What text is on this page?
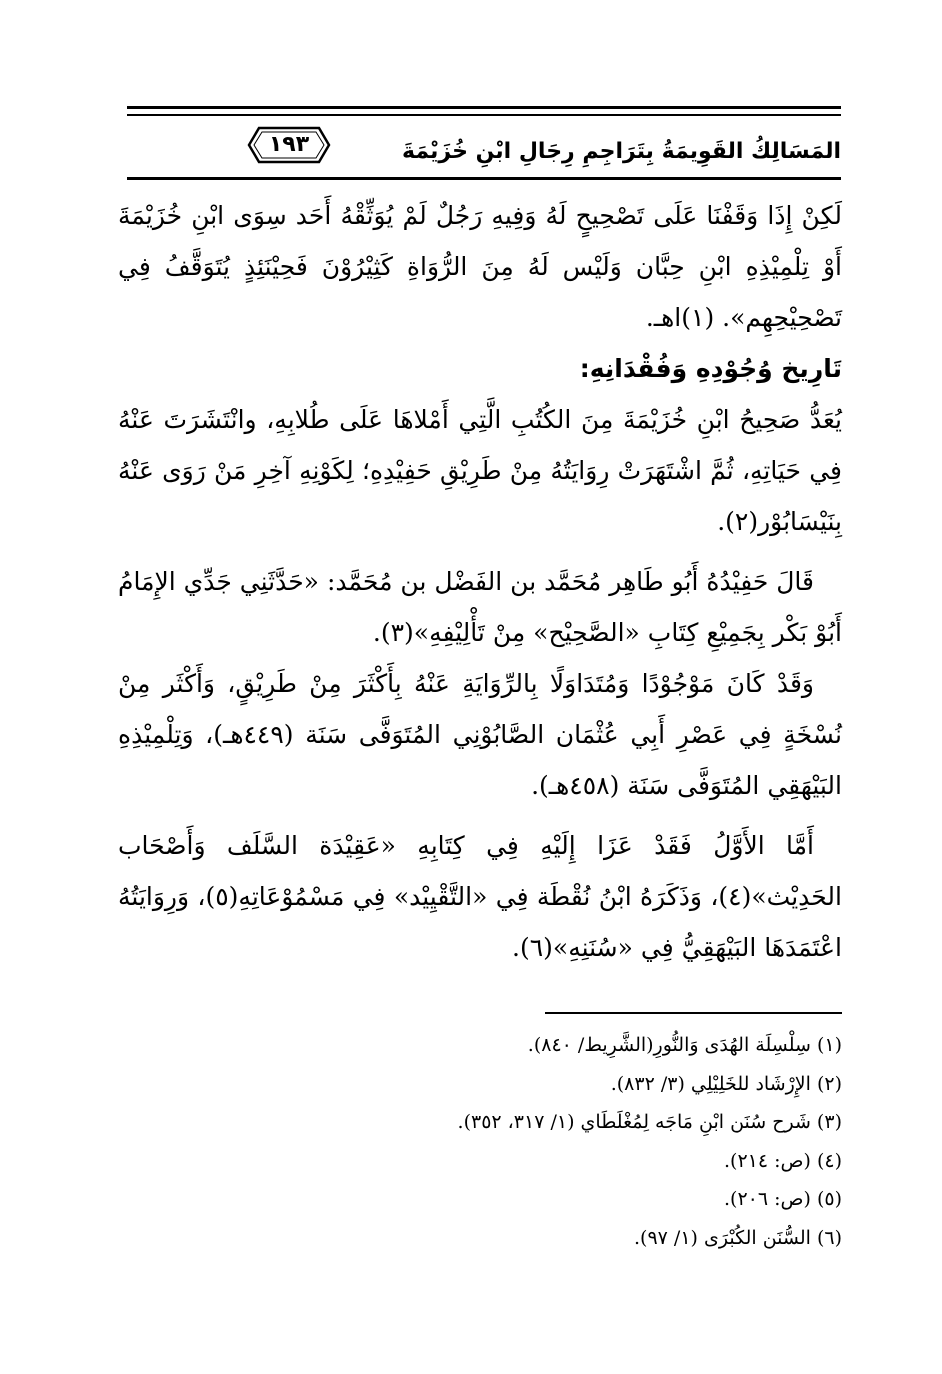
١٩٣	المَسَالِكُ القَوِيمَةُ بِتَرَاجِمِ رِجَالِ ابْنِ خُزَيْمَةَ

لَكِنْ إِذَا وَقَفْنَا عَلَى تَصْحِيحٍ لَهُ وَفِيهِ رَجُلٌ لَمْ يُوَثِّقْهُ أَحَد سِوَى ابْنِ خُزَيْمَةَ أَوْ تِلْمِيْذِهِ ابْنِ حِبَّان وَلَيْس لَهُ مِنَ الرُّوَاةِ كَثِيْرُوْنَ فَحِيْنَئِذٍ يُتَوَقَّفُ فِي تَصْحِيْحِهِم». (١)اهـ.

تَارِيخ وُجُوْدِهِ وَفُقْدَانِهِ:

يُعَدُّ صَحِيحُ ابْنِ خُزَيْمَةَ مِنَ الكُتُبِ الَّتِي أَمْلاهَا عَلَى طُلابِهِ، وانْتَشَرَتَ عَنْهُ فِي حَيَاتِهِ، ثُمَّ اشْتَهَرَتْ رِوَايَتُهُ مِنْ طَرِيْقِ حَفِيْدِهِ؛ لِكَوْنِهِ آخِرِ مَنْ رَوَى عَنْهُ بِنَيْسَابُوْر(٢).

قَالَ حَفِيْدُهُ أَبُو طَاهِر مُحَمَّد بن الفَضْل بن مُحَمَّد: «حَدَّثَنِي جَدِّي الإِمَامُ أَبُوْ بَكْر بِجَمِيْعِ كِتَابِ «الصَّحِيْح» مِنْ تَأْلِيْفِهِ»(٣).

وَقَدْ كَانَ مَوْجُوْدًا وَمُتَدَاوَلًا بِالرِّوَايَةِ عَنْهُ بِأَكْثَرَ مِنْ طَرِيْقٍ، وَأَكْثَر مِنْ نُسْخَةٍ فِي عَصْرِ أَبِي عُثْمَان الصَّابُوْنِي المُتَوَفَّى سَنَة (٤٤٩هـ)، وَتِلْمِيْذِهِ البَيْهَقِي المُتَوَفَّى سَنَة (٤٥٨هـ).

أَمَّا الأَوَّلُ فَقَدْ عَزَا إِلَيْهِ فِي كِتَابِهِ «عَقِيْدَة السَّلَف وَأَصْحَاب الحَدِيْث»(٤)، وَذَكَرَهُ ابْنُ نُقْطَة فِي «التَّقْيِيْد» فِي مَسْمُوْعَاتِهِ(٥)، وَرِوَايَتُهُ اعْتَمَدَهَا البَيْهَقِيُّ فِي «سُنَنِهِ»(٦).

(١) سِلْسِلَة الهُدَى وَالنُّورِ(الشَّرِيط/ ٨٤٠).

(٢) الإِرْشَاد للخَلِيْلِي (٣/ ٨٣٢).

(٣) شَرح سُنَن ابْنِ مَاجَه لِمُغْلَطَاي (١/ ٣١٧، ٣٥٢).

(٤) (ص: ٢١٤).

(٥) (ص: ٢٠٦).

(٦) السُّنَن الكُبْرَى (١/ ٩٧).
